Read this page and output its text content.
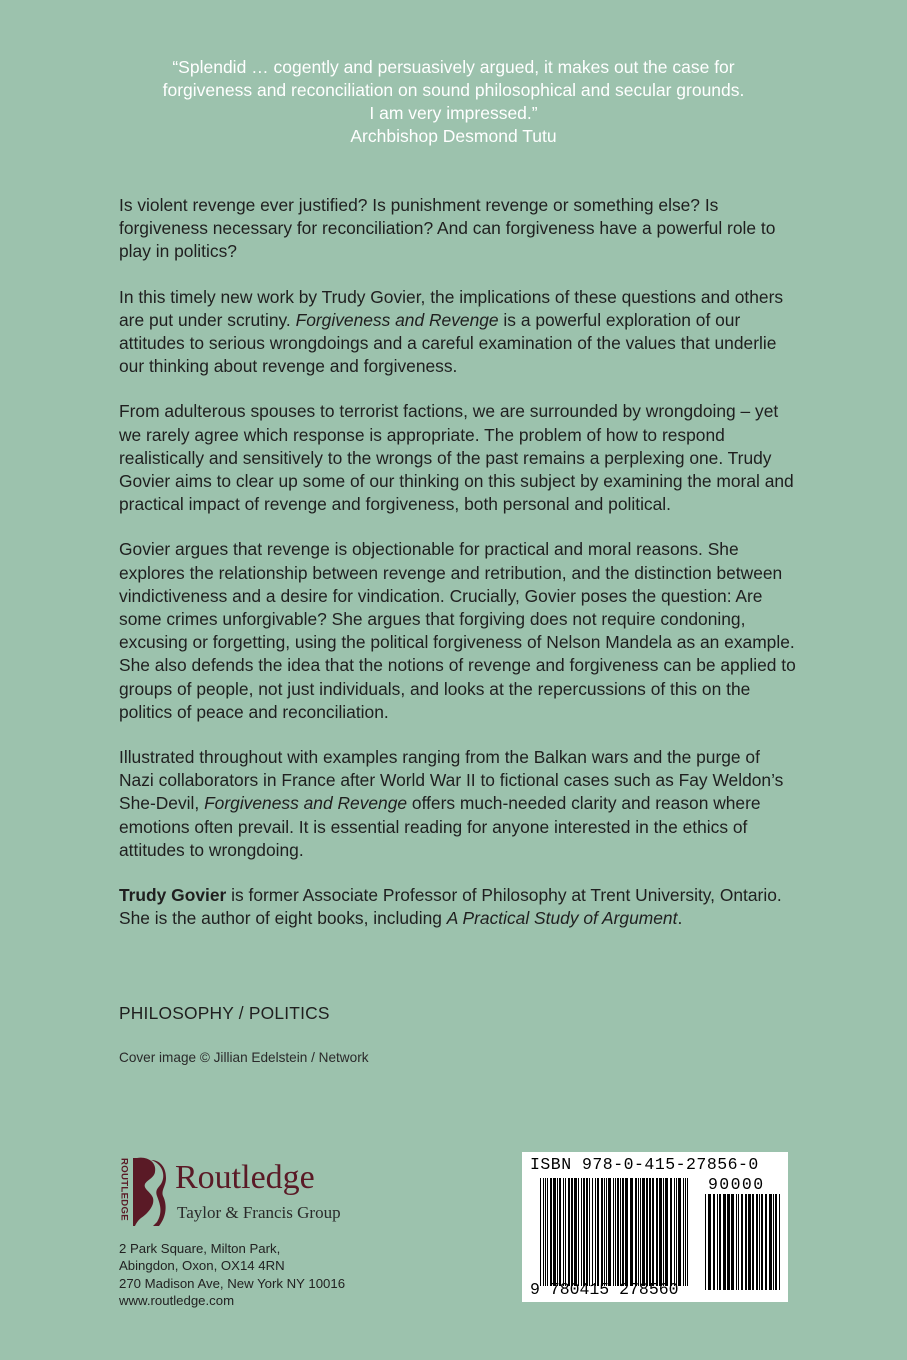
“Splendid … cogently and persuasively argued, it makes out the case for
forgiveness and reconciliation on sound philosophical and secular grounds.
I am very impressed.”
Archbishop Desmond Tutu

Is violent revenge ever justified? Is punishment revenge or something else? Is forgiveness necessary for reconciliation? And can forgiveness have a powerful role to play in politics?

In this timely new work by Trudy Govier, the implications of these questions and others are put under scrutiny. Forgiveness and Revenge is a powerful exploration of our attitudes to serious wrongdoings and a careful examination of the values that underlie our thinking about revenge and forgiveness.

From adulterous spouses to terrorist factions, we are surrounded by wrongdoing – yet we rarely agree which response is appropriate. The problem of how to respond realistically and sensitively to the wrongs of the past remains a perplexing one. Trudy Govier aims to clear up some of our thinking on this subject by examining the moral and practical impact of revenge and forgiveness, both personal and political.

Govier argues that revenge is objectionable for practical and moral reasons. She explores the relationship between revenge and retribution, and the distinction between vindictiveness and a desire for vindication. Crucially, Govier poses the question: Are some crimes unforgivable? She argues that forgiving does not require condoning, excusing or forgetting, using the political forgiveness of Nelson Mandela as an example. She also defends the idea that the notions of revenge and forgiveness can be applied to groups of people, not just individuals, and looks at the repercussions of this on the politics of peace and reconciliation.

Illustrated throughout with examples ranging from the Balkan wars and the purge of Nazi collaborators in France after World War II to fictional cases such as Fay Weldon’s She-Devil, Forgiveness and Revenge offers much-needed clarity and reason where emotions often prevail. It is essential reading for anyone interested in the ethics of attitudes to wrongdoing.

Trudy Govier is former Associate Professor of Philosophy at Trent University, Ontario. She is the author of eight books, including A Practical Study of Argument.

PHILOSOPHY / POLITICS
Cover image © Jillian Edelstein / Network
ROUTLEDGE Routledge
Taylor & Francis Group
2 Park Square, Milton Park,
Abingdon, Oxon, OX14 4RN
270 Madison Ave, New York NY 10016
www.routledge.com
ISBN 978-0-415-27856-0
90000
9 780415 278560
